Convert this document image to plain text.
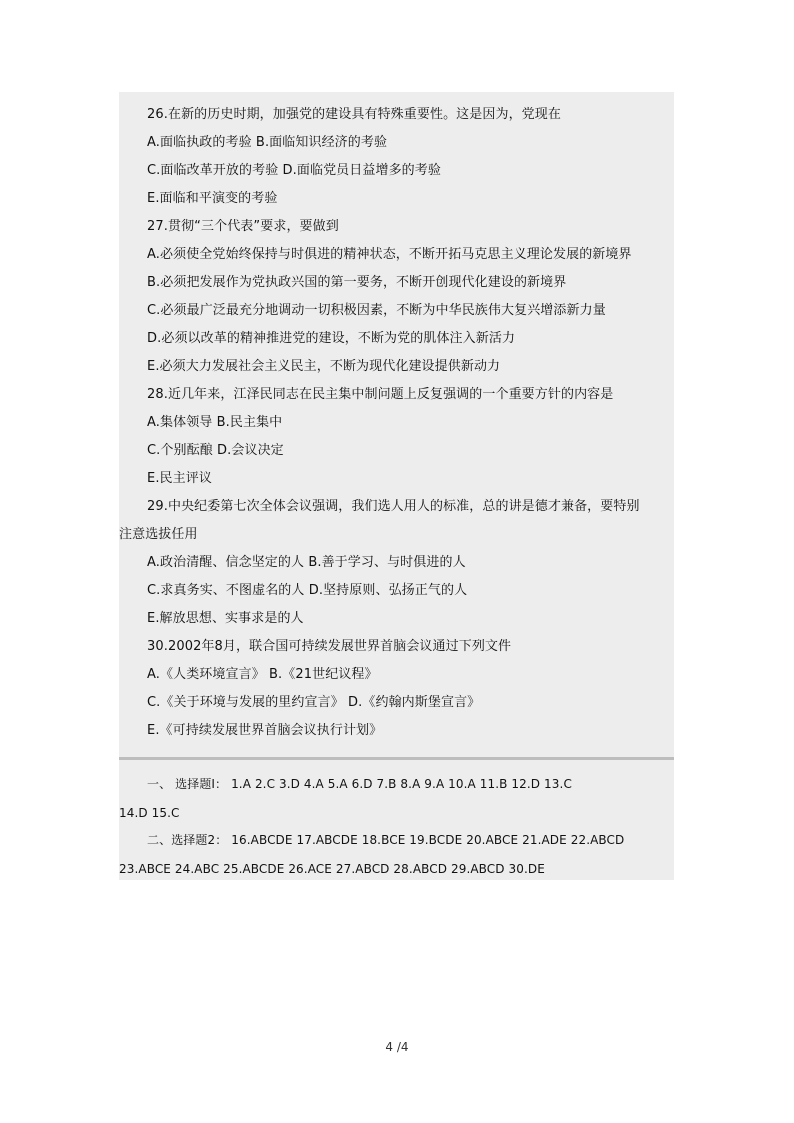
26.在新的历史时期，加强党的建设具有特殊重要性。这是因为，党现在
A.面临执政的考验 B.面临知识经济的考验
C.面临改革开放的考验 D.面临党员日益增多的考验
E.面临和平演变的考验
27.贯彻“三个代表”要求，要做到
A.必须使全党始终保持与时俱进的精神状态，不断开拓马克思主义理论发展的新境界
B.必须把发展作为党执政兴国的第一要务，不断开创现代化建设的新境界
C.必须最广泛最充分地调动一切积极因素，不断为中华民族伟大复兴增添新力量
D.必须以改革的精神推进党的建设，不断为党的肌体注入新活力
E.必须大力发展社会主义民主，不断为现代化建设提供新动力
28.近几年来，江泽民同志在民主集中制问题上反复强调的一个重要方针的内容是
A.集体领导 B.民主集中
C.个别酝酿 D.会议决定
E.民主评议
29.中央纪委第七次全体会议强调，我们选人用人的标准，总的讲是德才兼备，要特别
注意选拔任用
A.政治清醒、信念坚定的人 B.善于学习、与时俱进的人
C.求真务实、不图虚名的人 D.坚持原则、弘扬正气的人
E.解放思想、实事求是的人
30.2002年8月，联合国可持续发展世界首脑会议通过下列文件
A.《人类环境宣言》 B.《21世纪议程》
C.《关于环境与发展的里约宣言》 D.《约翰内斯堡宣言》
E.《可持续发展世界首脑会议执行计划》
一、 选择题Ⅰ： 1.A 2.C 3.D 4.A 5.A 6.D 7.B 8.A 9.A 10.A 11.B 12.D 13.C
14.D 15.C
二、选择题2： 16.ABCDE 17.ABCDE 18.BCE 19.BCDE 20.ABCE 21.ADE 22.ABCD
23.ABCE 24.ABC 25.ABCDE 26.ACE 27.ABCD 28.ABCD 29.ABCD 30.DE
4 /4
